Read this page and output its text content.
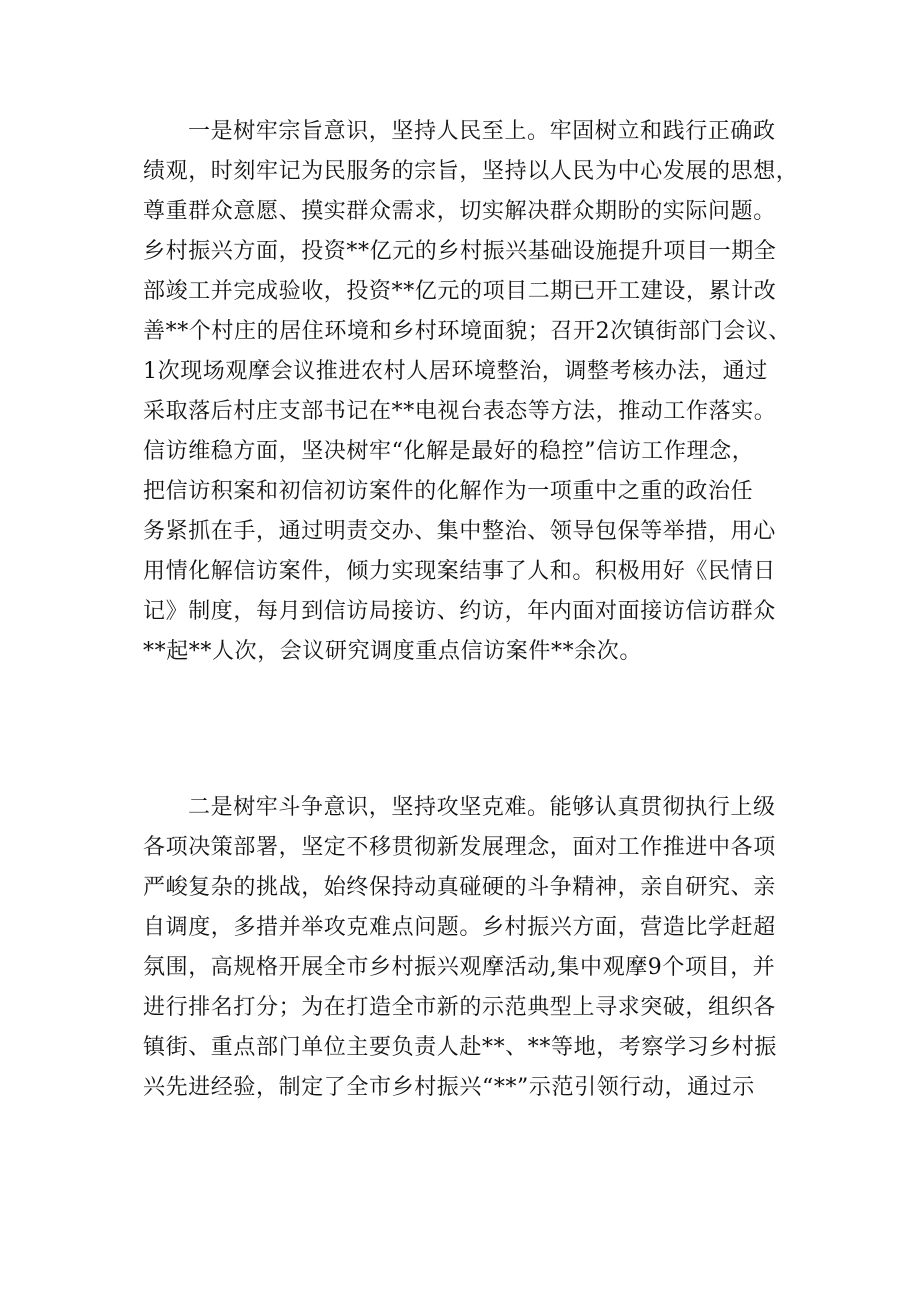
一是树牢宗旨意识，坚持人民至上。牢固树立和践行正确政
绩观，时刻牢记为民服务的宗旨，坚持以人民为中心发展的思想，
尊重群众意愿、摸实群众需求，切实解决群众期盼的实际问题。
乡村振兴方面，投资**亿元的乡村振兴基础设施提升项目一期全
部竣工并完成验收，投资**亿元的项目二期已开工建设，累计改
善**个村庄的居住环境和乡村环境面貌；召开2次镇街部门会议、
1次现场观摩会议推进农村人居环境整治，调整考核办法，通过
采取落后村庄支部书记在**电视台表态等方法，推动工作落实。
信访维稳方面，坚决树牢“化解是最好的稳控”信访工作理念，
把信访积案和初信初访案件的化解作为一项重中之重的政治任
务紧抓在手，通过明责交办、集中整治、领导包保等举措，用心
用情化解信访案件，倾力实现案结事了人和。积极用好《民情日
记》制度，每月到信访局接访、约访，年内面对面接访信访群众
**起**人次，会议研究调度重点信访案件**余次。
二是树牢斗争意识，坚持攻坚克难。能够认真贯彻执行上级
各项决策部署，坚定不移贯彻新发展理念，面对工作推进中各项
严峻复杂的挑战，始终保持动真碰硬的斗争精神，亲自研究、亲
自调度，多措并举攻克难点问题。乡村振兴方面，营造比学赶超
氛围，高规格开展全市乡村振兴观摩活动,集中观摩9个项目，并
进行排名打分；为在打造全市新的示范典型上寻求突破，组织各
镇街、重点部门单位主要负责人赴**、**等地，考察学习乡村振
兴先进经验，制定了全市乡村振兴“**”示范引领行动，通过示
